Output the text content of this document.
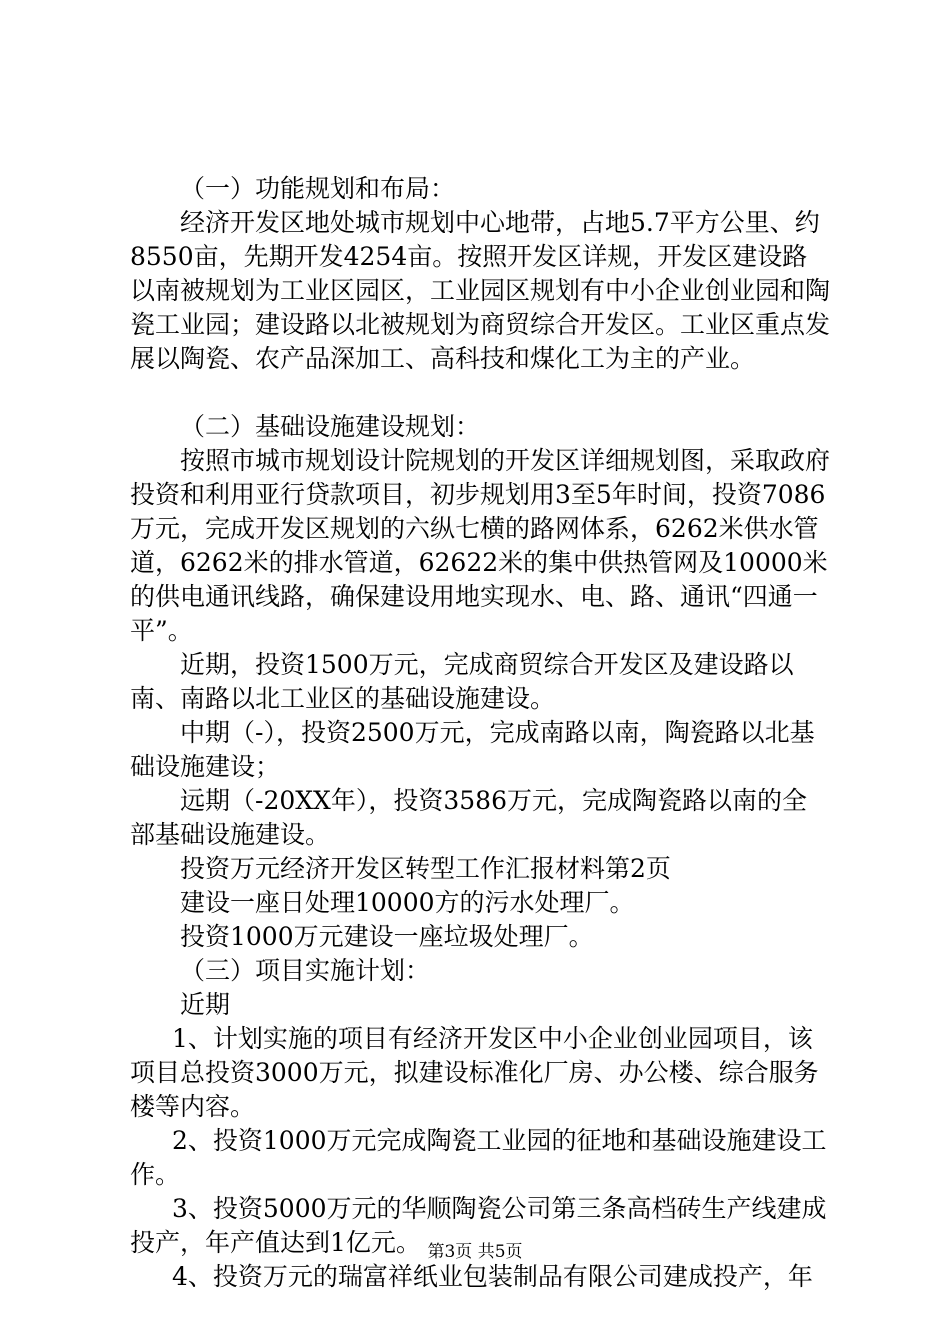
（一）功能规划和布局：

经济开发区地处城市规划中心地带，占地5.7平方公里、约8550亩，先期开发4254亩。按照开发区详规，开发区建设路以南被规划为工业区园区，工业园区规划有中小企业创业园和陶瓷工业园；建设路以北被规划为商贸综合开发区。工业区重点发展以陶瓷、农产品深加工、高科技和煤化工为主的产业。

（二）基础设施建设规划：

按照市城市规划设计院规划的开发区详细规划图，采取政府投资和利用亚行贷款项目，初步规划用3至5年时间，投资7086万元，完成开发区规划的六纵七横的路网体系，6262米供水管道，6262米的排水管道，62622米的集中供热管网及10000米的供电通讯线路，确保建设用地实现水、电、路、通讯“四通一平”。

近期，投资1500万元，完成商贸综合开发区及建设路以南、南路以北工业区的基础设施建设。

中期（-），投资2500万元，完成南路以南，陶瓷路以北基础设施建设；

远期（-20XX年），投资3586万元，完成陶瓷路以南的全部基础设施建设。

投资万元经济开发区转型工作汇报材料第2页

建设一座日处理10000方的污水处理厂。

投资1000万元建设一座垃圾处理厂。

（三）项目实施计划：

近期

1、计划实施的项目有经济开发区中小企业创业园项目，该项目总投资3000万元，拟建设标准化厂房、办公楼、综合服务楼等内容。

2、投资1000万元完成陶瓷工业园的征地和基础设施建设工作。

3、投资5000万元的华顺陶瓷公司第三条高档砖生产线建成投产，年产值达到1亿元。

4、投资万元的瑞富祥纸业包装制品有限公司建成投产，年

第3页 共5页
